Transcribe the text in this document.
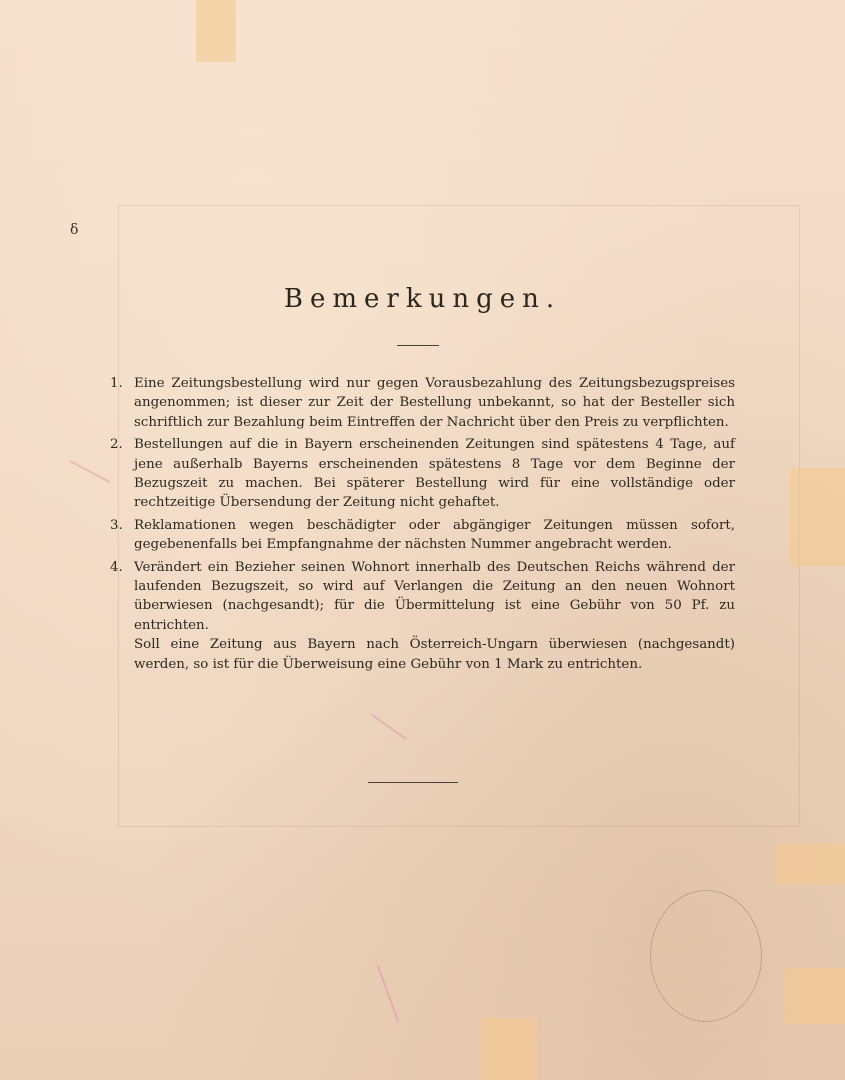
ẟ
Bemerkungen.
1. Eine Zeitungsbestellung wird nur gegen Vorausbezahlung des Zeitungsbezugspreises angenommen; ist dieser zur Zeit der Bestellung unbekannt, so hat der Besteller sich schriftlich zur Bezahlung beim Eintreffen der Nachricht über den Preis zu verpflichten.
2. Bestellungen auf die in Bayern erscheinenden Zeitungen sind spätestens 4 Tage, auf jene außerhalb Bayerns erscheinenden spätestens 8 Tage vor dem Beginne der Bezugszeit zu machen. Bei späterer Bestellung wird für eine vollständige oder rechtzeitige Übersendung der Zeitung nicht gehaftet.
3. Reklamationen wegen beschädigter oder abgängiger Zeitungen müssen sofort, gegebenenfalls bei Empfangnahme der nächsten Nummer angebracht werden.
4. Verändert ein Bezieher seinen Wohnort innerhalb des Deutschen Reichs während der laufenden Bezugszeit, so wird auf Verlangen die Zeitung an den neuen Wohnort überwiesen (nachgesandt); für die Übermittelung ist eine Gebühr von 50 Pf. zu entrichten.
Soll eine Zeitung aus Bayern nach Österreich-Ungarn überwiesen (nachgesandt) werden, so ist für die Überweisung eine Gebühr von 1 Mark zu entrichten.
